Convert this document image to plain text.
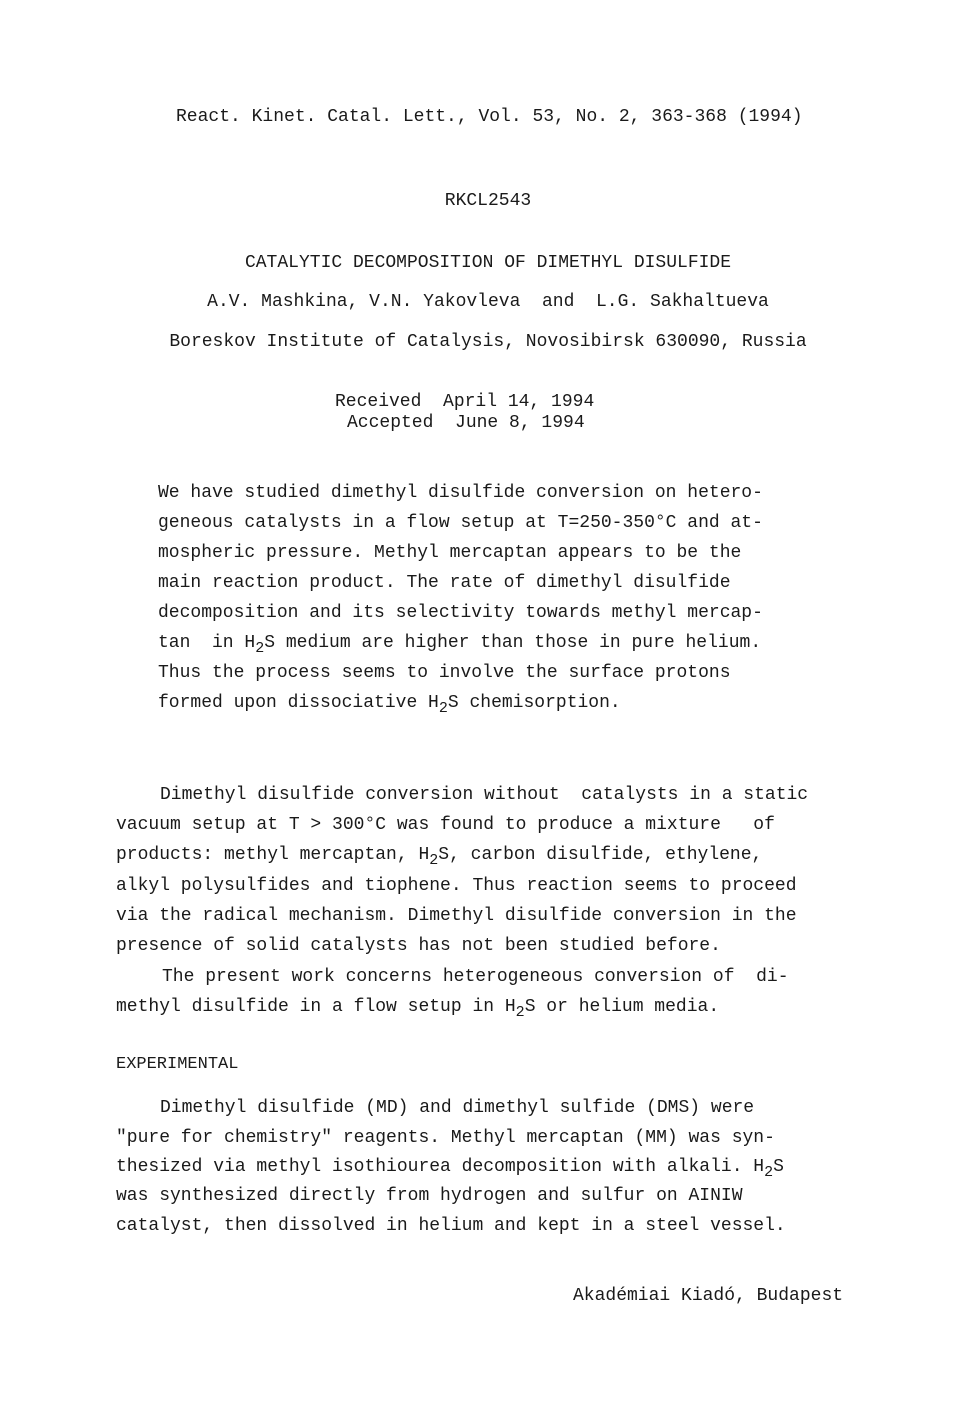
React. Kinet. Catal. Lett., Vol. 53, No. 2, 363-368 (1994)
RKCL2543
CATALYTIC DECOMPOSITION OF DIMETHYL DISULFIDE
A.V. Mashkina, V.N. Yakovleva  and  L.G. Sakhaltueva
Boreskov Institute of Catalysis, Novosibirsk 630090, Russia
Received  April 14, 1994
Accepted  June 8, 1994
We have studied dimethyl disulfide conversion on hetero-
geneous catalysts in a flow setup at T=250-350°C and at-
mospheric pressure. Methyl mercaptan appears to be the
main reaction product. The rate of dimethyl disulfide
decomposition and its selectivity towards methyl mercap-
tan  in $H_2S$ medium are higher than those in pure helium.
Thus the process seems to involve the surface protons
formed upon dissociative $H_2S$ chemisorption.
Dimethyl disulfide conversion without  catalysts in a static
vacuum setup at T > 300°C was found to produce a mixture   of
products: methyl mercaptan, $H_2S$, carbon disulfide, ethylene,
alkyl polysulfides and tiophene. Thus reaction seems to proceed
via the radical mechanism. Dimethyl disulfide conversion in the
presence of solid catalysts has not been studied before.
The present work concerns heterogeneous conversion of  di-
methyl disulfide in a flow setup in $H_2S$ or helium media.
EXPERIMENTAL
Dimethyl disulfide (MD) and dimethyl sulfide (DMS) were
"pure for chemistry" reagents. Methyl mercaptan (MM) was syn-
thesized via methyl isothiourea decomposition with alkali. $H_2S$
was synthesized directly from hydrogen and sulfur on AINIW
catalyst, then dissolved in helium and kept in a steel vessel.
Akadémiai Kiadó, Budapest
